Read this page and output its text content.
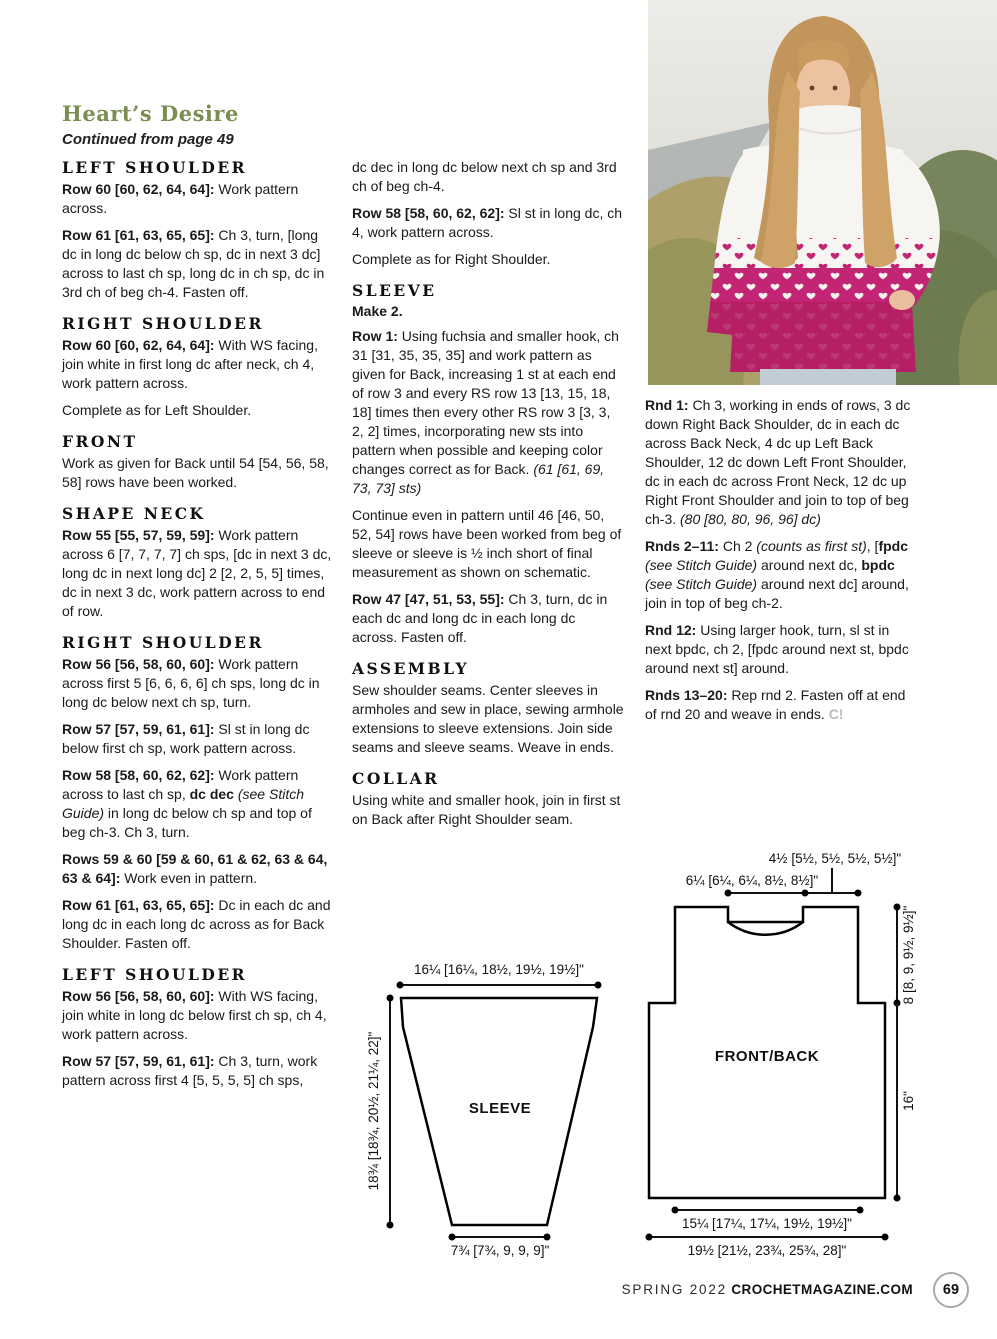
Heart’s Desire

Continued from page 49

LEFT SHOULDER

Row 60 [60, 62, 64, 64]: Work pattern across.

Row 61 [61, 63, 65, 65]: Ch 3, turn, [long dc in long dc below ch sp, dc in next 3 dc] across to last ch sp, long dc in ch sp, dc in 3rd ch of beg ch-4. Fasten off.

RIGHT SHOULDER

Row 60 [60, 62, 64, 64]: With WS facing, join white in first long dc after neck, ch 4, work pattern across.

Complete as for Left Shoulder.

FRONT

Work as given for Back until 54 [54, 56, 58, 58] rows have been worked.

SHAPE NECK

Row 55 [55, 57, 59, 59]: Work pattern across 6 [7, 7, 7, 7] ch sps, [dc in next 3 dc, long dc in next long dc] 2 [2, 2, 5, 5] times, dc in next 3 dc, work pattern across to end of row.

RIGHT SHOULDER

Row 56 [56, 58, 60, 60]: Work pattern across first 5 [6, 6, 6, 6] ch sps, long dc in long dc below next ch sp, turn.

Row 57 [57, 59, 61, 61]: Sl st in long dc below first ch sp, work pattern across.

Row 58 [58, 60, 62, 62]: Work pattern across to last ch sp, dc dec (see Stitch Guide) in long dc below ch sp and top of beg ch-3. Ch 3, turn.

Rows 59 & 60 [59 & 60, 61 & 62, 63 & 64, 63 & 64]: Work even in pattern.

Row 61 [61, 63, 65, 65]: Dc in each dc and long dc in each long dc across as for Back Shoulder. Fasten off.

LEFT SHOULDER

Row 56 [56, 58, 60, 60]: With WS facing, join white in long dc below first ch sp, ch 4, work pattern across.

Row 57 [57, 59, 61, 61]: Ch 3, turn, work pattern across first 4 [5, 5, 5, 5] ch sps,

dc dec in long dc below next ch sp and 3rd ch of beg ch-4.

Row 58 [58, 60, 62, 62]: Sl st in long dc, ch 4, work pattern across.

Complete as for Right Shoulder.

SLEEVE

Make 2.

Row 1: Using fuchsia and smaller hook, ch 31 [31, 35, 35, 35] and work pattern as given for Back, increasing 1 st at each end of row 3 and every RS row 13 [13, 15, 18, 18] times then every other RS row 3 [3, 3, 2, 2] times, incorporating new sts into pattern when possible and keeping color changes correct as for Back. (61 [61, 69, 73, 73] sts)

Continue even in pattern until 46 [46, 50, 52, 54] rows have been worked from beg of sleeve or sleeve is ½ inch short of final measurement as shown on schematic.

Row 47 [47, 51, 53, 55]: Ch 3, turn, dc in each dc and long dc in each long dc across. Fasten off.

ASSEMBLY

Sew shoulder seams. Center sleeves in armholes and sew in place, sewing armhole extensions to sleeve extensions. Join side seams and sleeve seams. Weave in ends.

COLLAR

Using white and smaller hook, join in first st on Back after Right Shoulder seam.

Rnd 1: Ch 3, working in ends of rows, 3 dc down Right Back Shoulder, dc in each dc across Back Neck, 4 dc up Left Back Shoulder, 12 dc down Left Front Shoulder, dc in each dc across Front Neck, 12 dc up Right Front Shoulder and join to top of beg ch-3. (80 [80, 80, 96, 96] dc)

Rnds 2–11: Ch 2 (counts as first st), [fpdc (see Stitch Guide) around next dc, bpdc (see Stitch Guide) around next dc] around, join in top of beg ch-2.

Rnd 12: Using larger hook, turn, sl st in next bpdc, ch 2, [fpdc around next st, bpdc around next st] around.

Rnds 13–20: Rep rnd 2. Fasten off at end of rnd 20 and weave in ends. C!

16¼ [16¼, 18½, 19½, 19½]"
18¾ [18¾, 20½, 21¼, 22]"	SLEEVE
7¾ [7¾, 9, 9, 9]"
4½ [5½, 5½, 5½, 5½]"
6¼ [6¼, 6¼, 8½, 8½]"
8 [8, 9, 9½, 9½]"
16"
FRONT/BACK
15¼ [17¼, 17¼, 19½, 19½]"
19½ [21½, 23¾, 25¾, 28]"
SPRING 2022 CROCHETMAGAZINE.COM	69
